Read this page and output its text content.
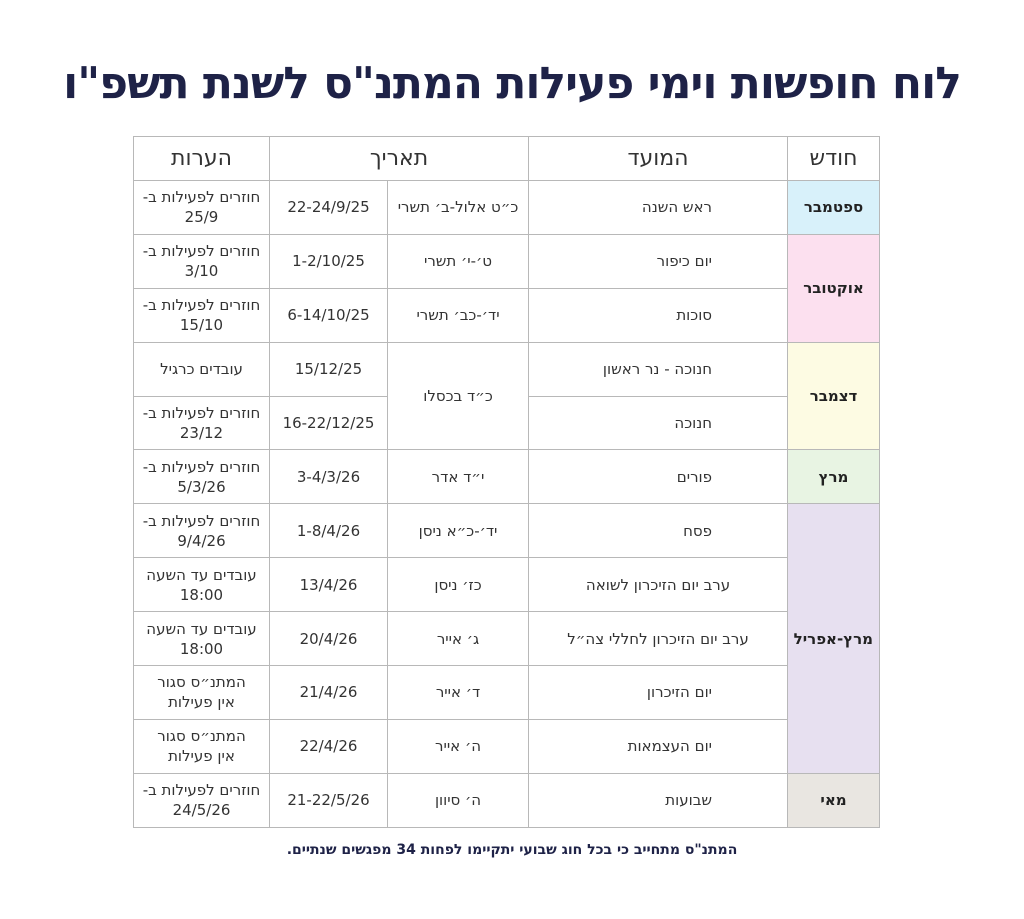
לוח חופשות וימי פעילות המתנ"ס לשנת תשפ"ו
חודש	המועד	תאריך		הערות
ספטמבר	ראש השנה	כ״ט אלול-ב׳ תשרי	22-24/9/25	חוזרים לפעילות ב-
25/9
אוקטובר	יום כיפור	ט׳-י׳ תשרי	1-2/10/25	חוזרים לפעילות ב-
3/10
	סוכות	יד׳-כב׳ תשרי	6-14/10/25	חוזרים לפעילות ב-
15/10
דצמבר	חנוכה - נר ראשון	כ״ד בכסלו	15/12/25	עובדים כרגיל
	חנוכה		16-22/12/25	חוזרים לפעילות ב-
23/12
מרץ	פורים	י״ד אדר	3-4/3/26	חוזרים לפעילות ב-
5/3/26
מרץ-אפריל	פסח	יד׳-כ״א ניסן	1-8/4/26	חוזרים לפעילות ב-
9/4/26
	ערב יום הזיכרון לשואה	כז׳ ניסן	13/4/26	עובדים עד השעה
18:00
	ערב יום הזיכרון לחללי צה״ל	ג׳ אייר	20/4/26	עובדים עד השעה
18:00
	יום הזיכרון	ד׳ אייר	21/4/26	המתנ״ס סגור
אין פעילות
	יום העצמאות	ה׳ אייר	22/4/26	המתנ״ס סגור
אין פעילות
מאי	שבועות	ה׳ סיוון	21-22/5/26	חוזרים לפעילות ב-
24/5/26
המתנ"ס מתחייב כי בכל חוג שבועי יתקיימו לפחות 34 מפגשים שנתיים.
